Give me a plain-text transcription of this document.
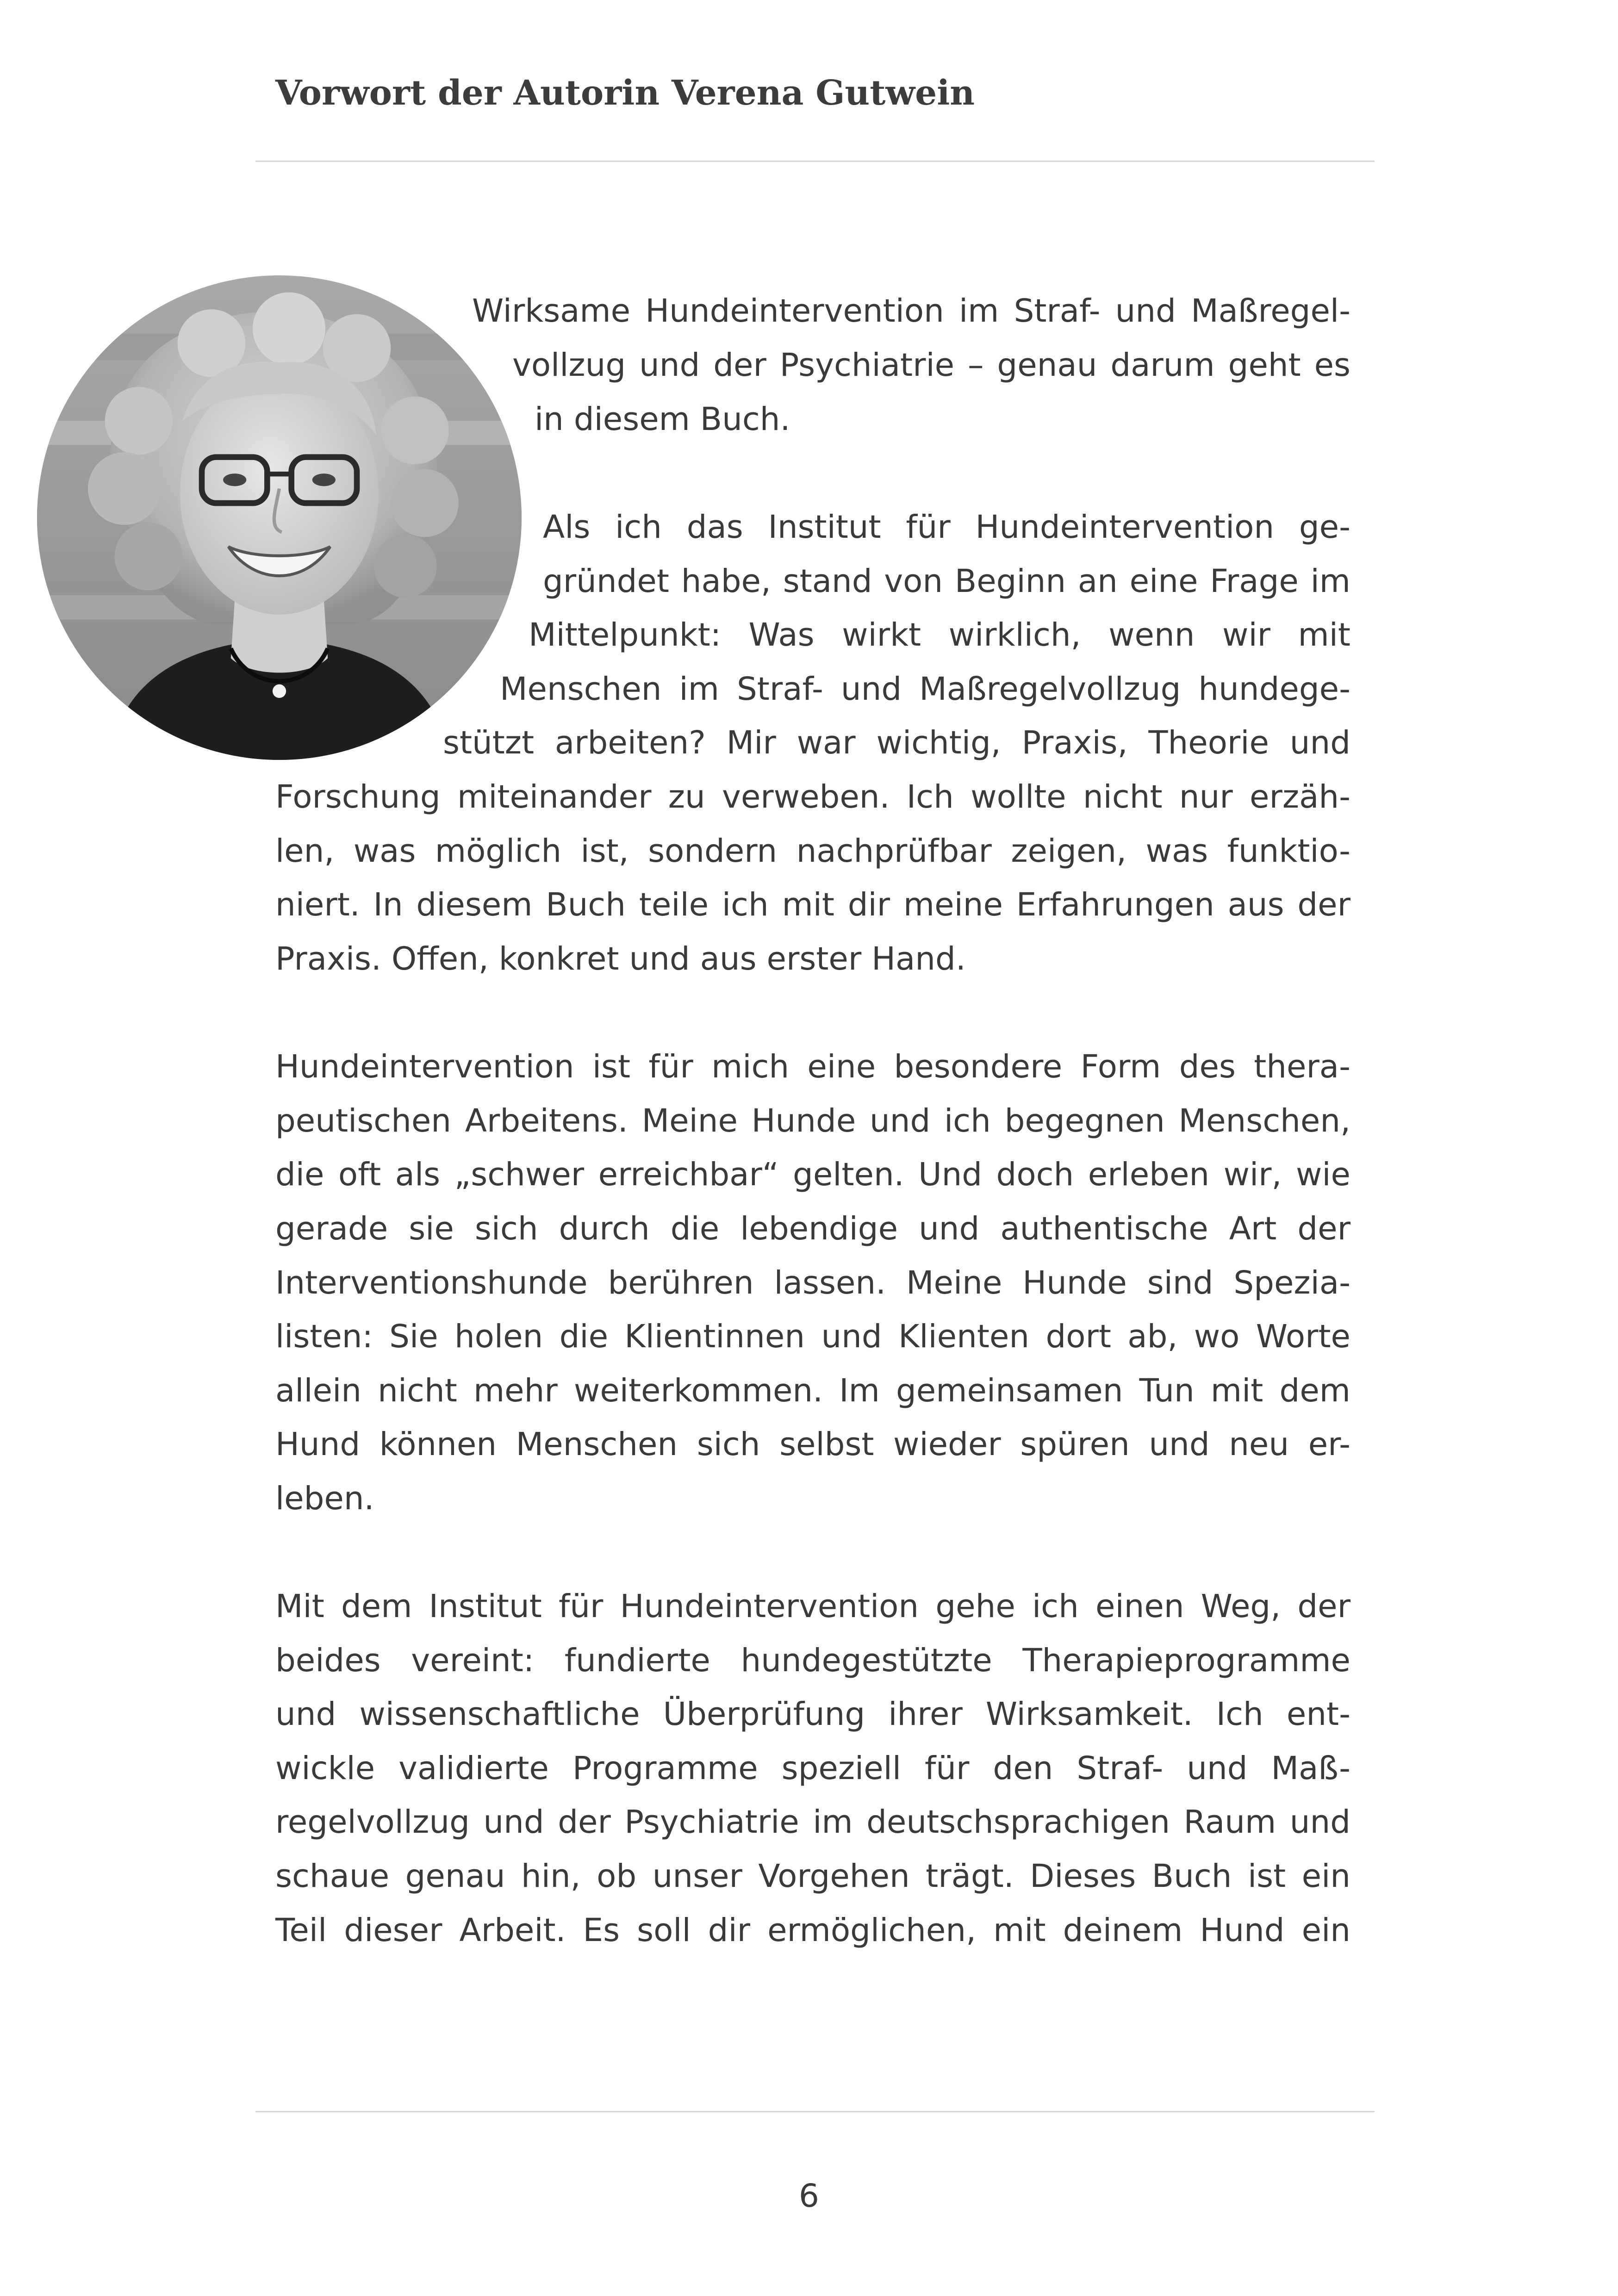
Vorwort der Autorin Verena Gutwein

Wirksame Hundeintervention im Straf- und Maßregel-

vollzug und der Psychiatrie – genau darum geht es

in diesem Buch.

Als ich das Institut für Hundeintervention ge-

gründet habe, stand von Beginn an eine Frage im

Mittelpunkt: Was wirkt wirklich, wenn wir mit

Menschen im Straf- und Maßregelvollzug hundege-

stützt arbeiten? Mir war wichtig, Praxis, Theorie und

Forschung miteinander zu verweben. Ich wollte nicht nur erzäh-

len, was möglich ist, sondern nachprüfbar zeigen, was funktio-

niert. In diesem Buch teile ich mit dir meine Erfahrungen aus der

Praxis. Offen, konkret und aus erster Hand.

Hundeintervention ist für mich eine besondere Form des thera-

peutischen Arbeitens. Meine Hunde und ich begegnen Menschen,

die oft als „schwer erreichbar“ gelten. Und doch erleben wir, wie

gerade sie sich durch die lebendige und authentische Art der

Interventionshunde berühren lassen. Meine Hunde sind Spezia-

listen: Sie holen die Klientinnen und Klienten dort ab, wo Worte

allein nicht mehr weiterkommen. Im gemeinsamen Tun mit dem

Hund können Menschen sich selbst wieder spüren und neu er-

leben.

Mit dem Institut für Hundeintervention gehe ich einen Weg, der

beides vereint: fundierte hundegestützte Therapieprogramme

und wissenschaftliche Überprüfung ihrer Wirksamkeit. Ich ent-

wickle validierte Programme speziell für den Straf- und Maß-

regelvollzug und der Psychiatrie im deutschsprachigen Raum und

schaue genau hin, ob unser Vorgehen trägt. Dieses Buch ist ein

Teil dieser Arbeit. Es soll dir ermöglichen, mit deinem Hund ein

6
